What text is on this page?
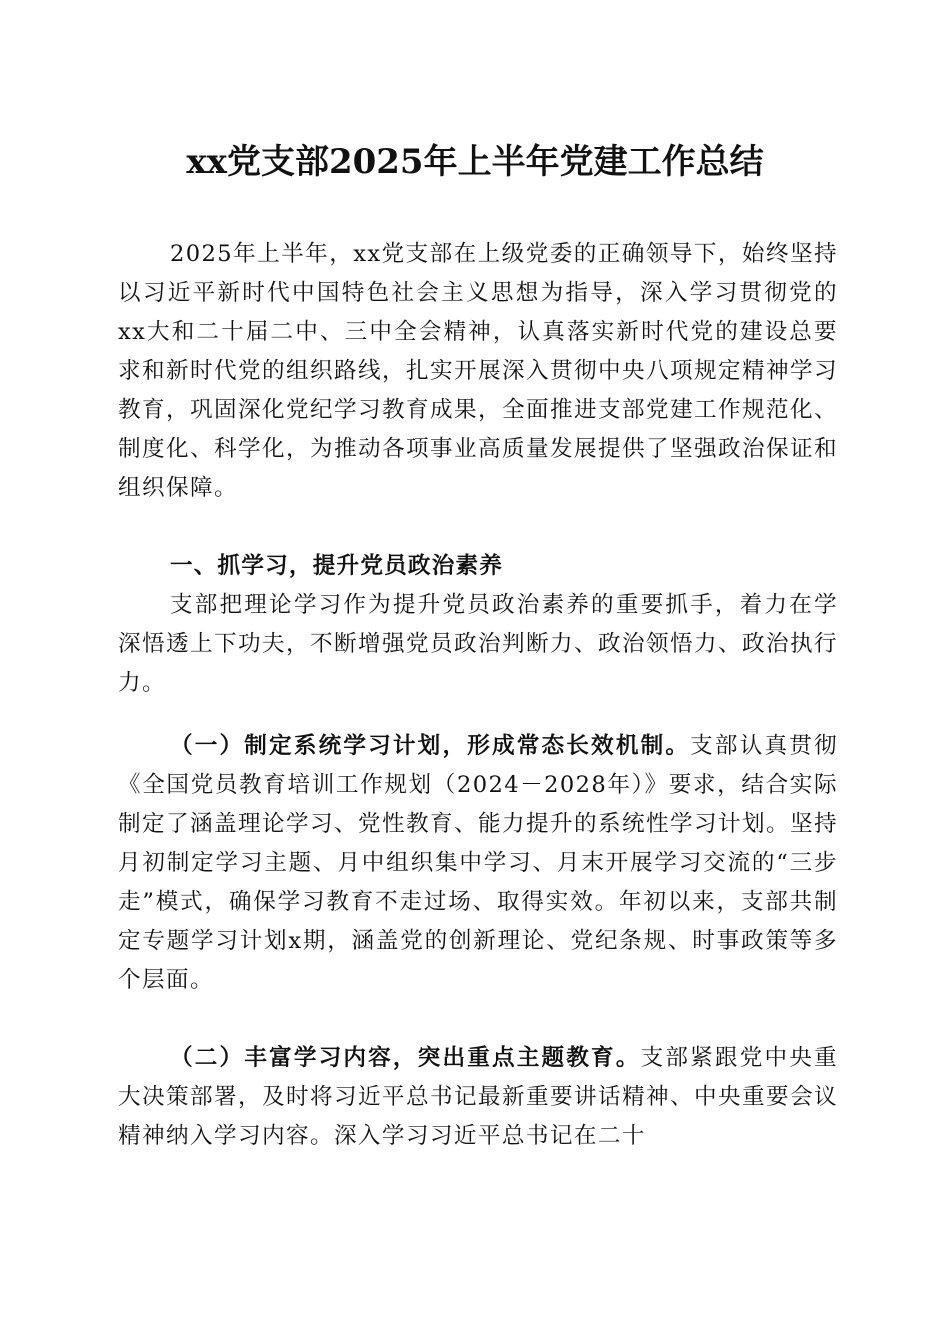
xx党支部2025年上半年党建工作总结

2025年上半年，xx党支部在上级党委的正确领导下，始终坚持以习近平新时代中国特色社会主义思想为指导，深入学习贯彻党的xx大和二十届二中、三中全会精神，认真落实新时代党的建设总要求和新时代党的组织路线，扎实开展深入贯彻中央八项规定精神学习教育，巩固深化党纪学习教育成果，全面推进支部党建工作规范化、制度化、科学化，为推动各项事业高质量发展提供了坚强政治保证和组织保障。

一、抓学习，提升党员政治素养

支部把理论学习作为提升党员政治素养的重要抓手，着力在学深悟透上下功夫，不断增强党员政治判断力、政治领悟力、政治执行力。

（一）制定系统学习计划，形成常态长效机制。支部认真贯彻《全国党员教育培训工作规划（2024－2028年）》要求，结合实际制定了涵盖理论学习、党性教育、能力提升的系统性学习计划。坚持月初制定学习主题、月中组织集中学习、月末开展学习交流的“三步走”模式，确保学习教育不走过场、取得实效。年初以来，支部共制定专题学习计划x期，涵盖党的创新理论、党纪条规、时事政策等多个层面。

（二）丰富学习内容，突出重点主题教育。支部紧跟党中央重大决策部署，及时将习近平总书记最新重要讲话精神、中央重要会议精神纳入学习内容。深入学习习近平总书记在二十
